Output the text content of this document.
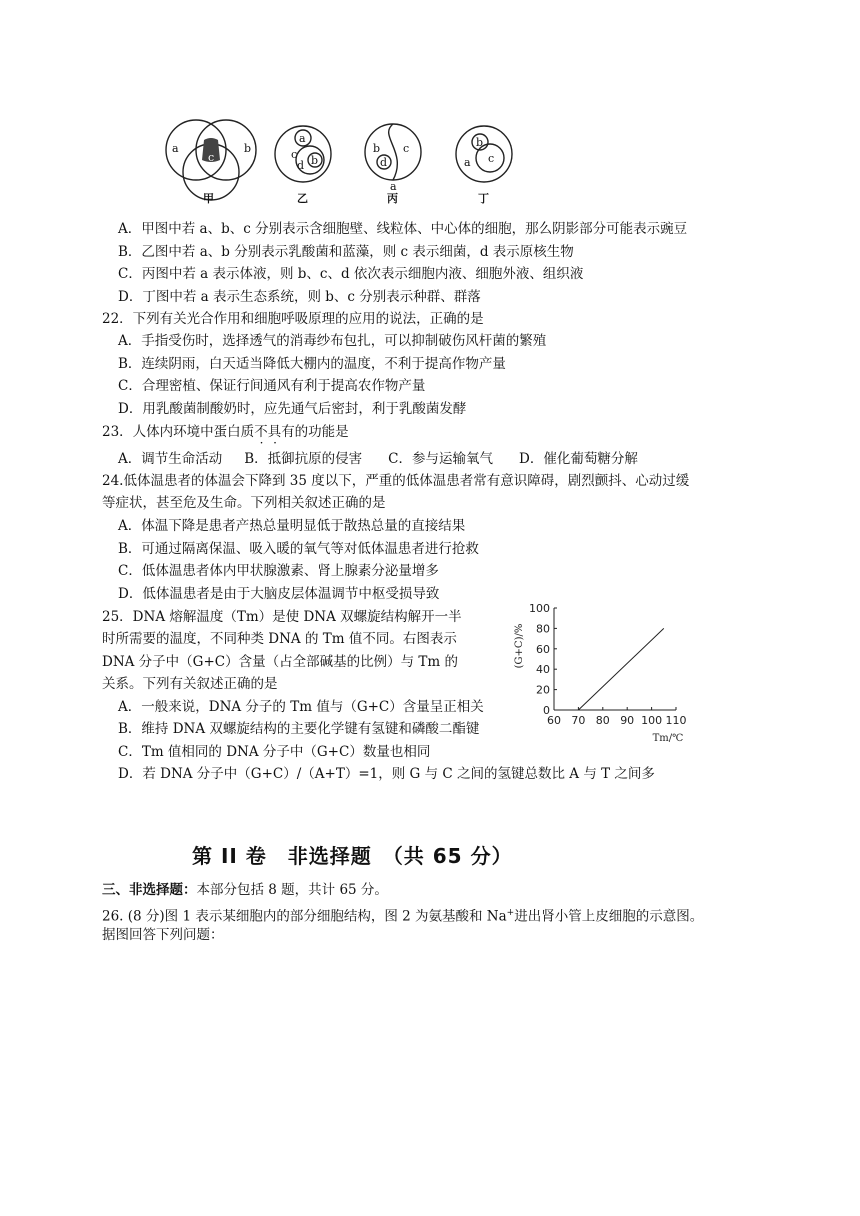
a	b
c
甲
a
c
d b
乙
b c
d
a
丙
b
a c
丁
A．甲图中若 a、b、c 分别表示含细胞壁、线粒体、中心体的细胞，那么阴影部分可能表示豌豆
B．乙图中若 a、b 分别表示乳酸菌和蓝藻，则 c 表示细菌，d 表示原核生物
C．丙图中若 a 表示体液，则 b、c、d 依次表示细胞内液、细胞外液、组织液
D．丁图中若 a 表示生态系统，则 b、c 分别表示种群、群落
22．下列有关光合作用和细胞呼吸原理的应用的说法，正确的是
A．手指受伤时，选择透气的消毒纱布包扎，可以抑制破伤风杆菌的繁殖
B．连续阴雨，白天适当降低大棚内的温度，不利于提高作物产量
C．合理密植、保证行间通风有利于提高农作物产量
D．用乳酸菌制酸奶时，应先通气后密封，利于乳酸菌发酵
23．人体内环境中蛋白质不具有的功能是
A．调节生命活动 B．抵御抗原的侵害 C．参与运输氧气 D．催化葡萄糖分解
24.低体温患者的体温会下降到 35 度以下，严重的低体温患者常有意识障碍，剧烈颤抖、心动过缓
等症状，甚至危及生命。下列相关叙述正确的是
A．体温下降是患者产热总量明显低于散热总量的直接结果
B．可通过隔离保温、吸入暖的氧气等对低体温患者进行抢救
C．低体温患者体内甲状腺激素、肾上腺素分泌量增多
D．低体温患者是由于大脑皮层体温调节中枢受损导致
25．DNA 熔解温度（Tm）是使 DNA 双螺旋结构解开一半
时所需要的温度，不同种类 DNA 的 Tm 值不同。右图表示
DNA 分子中（G+C）含量（占全部碱基的比例）与 Tm 的
关系。下列有关叙述正确的是
A．一般来说，DNA 分子的 Tm 值与（G+C）含量呈正相关
B．维持 DNA 双螺旋结构的主要化学键有氢键和磷酸二酯键
C．Tm 值相同的 DNA 分子中（G+C）数量也相同
D．若 DNA 分子中（G+C）/（A+T）=1，则 G 与 C 之间的氢键总数比 A 与 T 之间多
60 70 80 90 100 110
0
20
40
60
80
100
(G+C)/%
Tm/℃
第 II 卷　非选择题　（共 65 分）
三、非选择题：本部分包括 8 题，共计 65 分。
26. (8 分)图 1 表示某细胞内的部分细胞结构，图 2 为氨基酸和 Na+进出肾小管上皮细胞的示意图。
据图回答下列问题：
